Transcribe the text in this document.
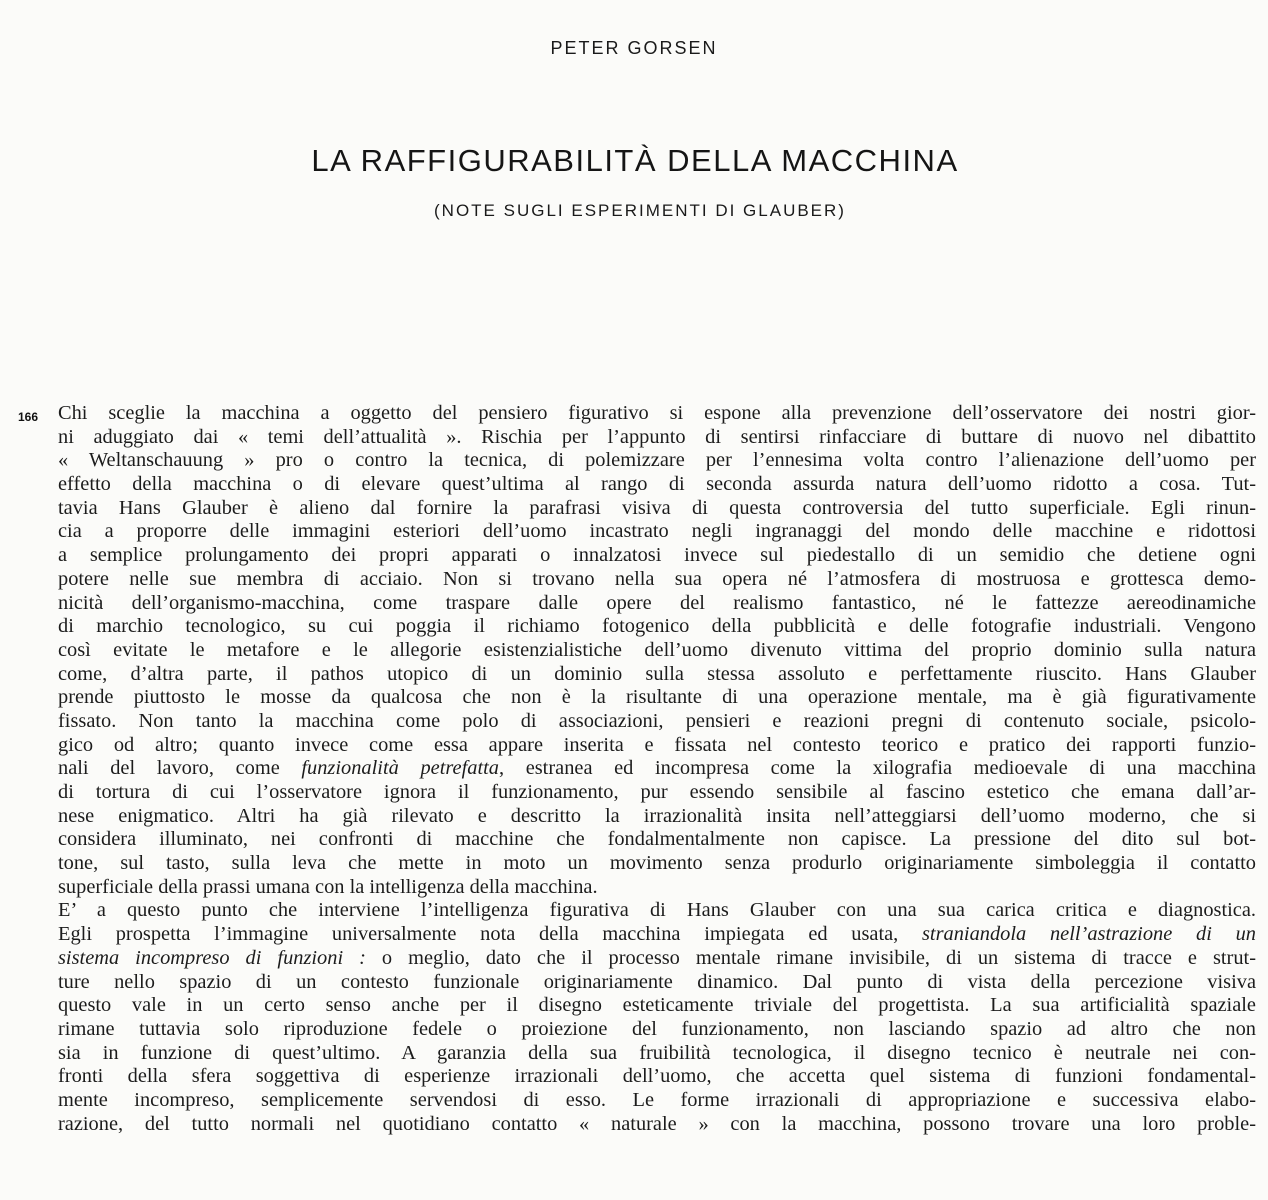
PETER GORSEN
LA RAFFIGURABILITÀ DELLA MACCHINA
(NOTE SUGLI ESPERIMENTI DI GLAUBER)
166 Chi sceglie la macchina a oggetto del pensiero figurativo si espone alla prevenzione dell’osservatore dei nostri gior-
ni aduggiato dai « temi dell’attualità ». Rischia per l’appunto di sentirsi rinfacciare di buttare di nuovo nel dibattito
« Weltanschauung » pro o contro la tecnica, di polemizzare per l’ennesima volta contro l’alienazione dell’uomo per
effetto della macchina o di elevare quest’ultima al rango di seconda assurda natura dell’uomo ridotto a cosa. Tut-
tavia Hans Glauber è alieno dal fornire la parafrasi visiva di questa controversia del tutto superficiale. Egli rinun-
cia a proporre delle immagini esteriori dell’uomo incastrato negli ingranaggi del mondo delle macchine e ridottosi
a semplice prolungamento dei propri apparati o innalzatosi invece sul piedestallo di un semidio che detiene ogni
potere nelle sue membra di acciaio. Non si trovano nella sua opera né l’atmosfera di mostruosa e grottesca demo-
nicità dell’organismo-macchina, come traspare dalle opere del realismo fantastico, né le fattezze aereodinamiche
di marchio tecnologico, su cui poggia il richiamo fotogenico della pubblicità e delle fotografie industriali. Vengono
così evitate le metafore e le allegorie esistenzialistiche dell’uomo divenuto vittima del proprio dominio sulla natura
come, d’altra parte, il pathos utopico di un dominio sulla stessa assoluto e perfettamente riuscito. Hans Glauber
prende piuttosto le mosse da qualcosa che non è la risultante di una operazione mentale, ma è già figurativamente
fissato. Non tanto la macchina come polo di associazioni, pensieri e reazioni pregni di contenuto sociale, psicolo-
gico od altro; quanto invece come essa appare inserita e fissata nel contesto teorico e pratico dei rapporti funzio-
nali del lavoro, come funzionalità petrefatta, estranea ed incompresa come la xilografia medioevale di una macchina
di tortura di cui l’osservatore ignora il funzionamento, pur essendo sensibile al fascino estetico che emana dall’ar-
nese enigmatico. Altri ha già rilevato e descritto la irrazionalità insita nell’atteggiarsi dell’uomo moderno, che si
considera illuminato, nei confronti di macchine che fondalmentalmente non capisce. La pressione del dito sul bot-
tone, sul tasto, sulla leva che mette in moto un movimento senza produrlo originariamente simboleggia il contatto
superficiale della prassi umana con la intelligenza della macchina.
E’ a questo punto che interviene l’intelligenza figurativa di Hans Glauber con una sua carica critica e diagnostica.
Egli prospetta l’immagine universalmente nota della macchina impiegata ed usata, straniandola nell’astrazione di un
sistema incompreso di funzioni : o meglio, dato che il processo mentale rimane invisibile, di un sistema di tracce e strut-
ture nello spazio di un contesto funzionale originariamente dinamico. Dal punto di vista della percezione visiva
questo vale in un certo senso anche per il disegno esteticamente triviale del progettista. La sua artificialità spaziale
rimane tuttavia solo riproduzione fedele o proiezione del funzionamento, non lasciando spazio ad altro che non
sia in funzione di quest’ultimo. A garanzia della sua fruibilità tecnologica, il disegno tecnico è neutrale nei con-
fronti della sfera soggettiva di esperienze irrazionali dell’uomo, che accetta quel sistema di funzioni fondamental-
mente incompreso, semplicemente servendosi di esso. Le forme irrazionali di appropriazione e successiva elabo-
razione, del tutto normali nel quotidiano contatto « naturale » con la macchina, possono trovare una loro proble-
